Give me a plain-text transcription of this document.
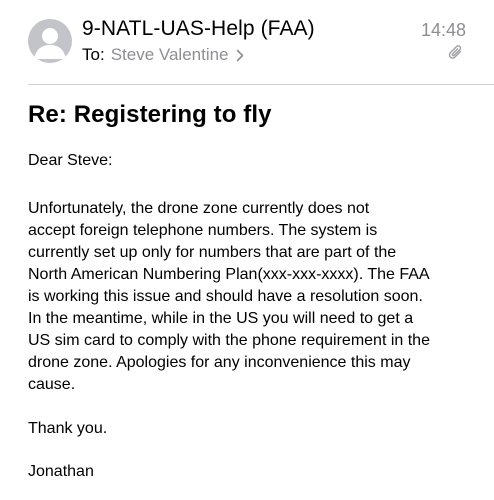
9-NATL-UAS-Help (FAA)	14:48
To: Steve Valentine
Re: Registering to fly

Dear Steve:

Unfortunately, the drone zone currently does not
accept foreign telephone numbers. The system is
currently set up only for numbers that are part of the
North American Numbering Plan(xxx-xxx-xxxx). The FAA
is working this issue and should have a resolution soon.
In the meantime, while in the US you will need to get a
US sim card to comply with the phone requirement in the
drone zone. Apologies for any inconvenience this may
cause.

Thank you.

Jonathan
